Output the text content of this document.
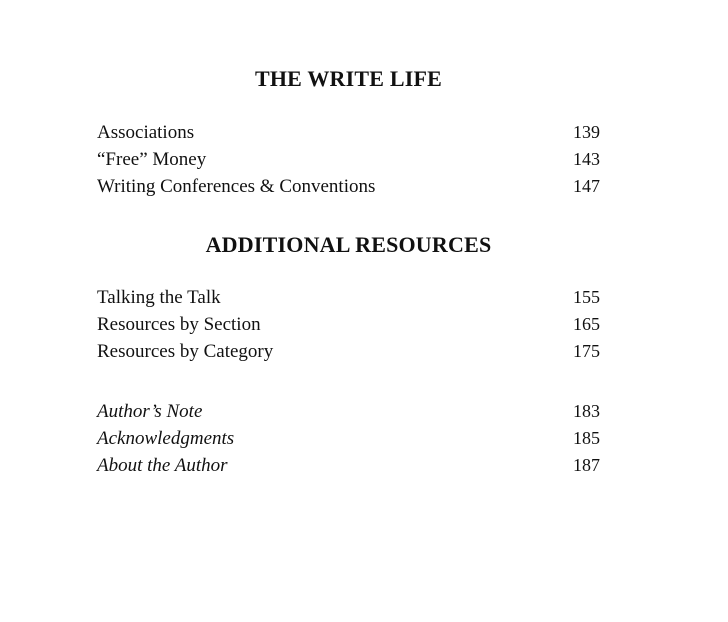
THE WRITE LIFE
Associations	139
“Free” Money	143
Writing Conferences & Conventions	147
ADDITIONAL RESOURCES
Talking the Talk	155
Resources by Section	165
Resources by Category	175
Author’s Note	183
Acknowledgments	185
About the Author	187
